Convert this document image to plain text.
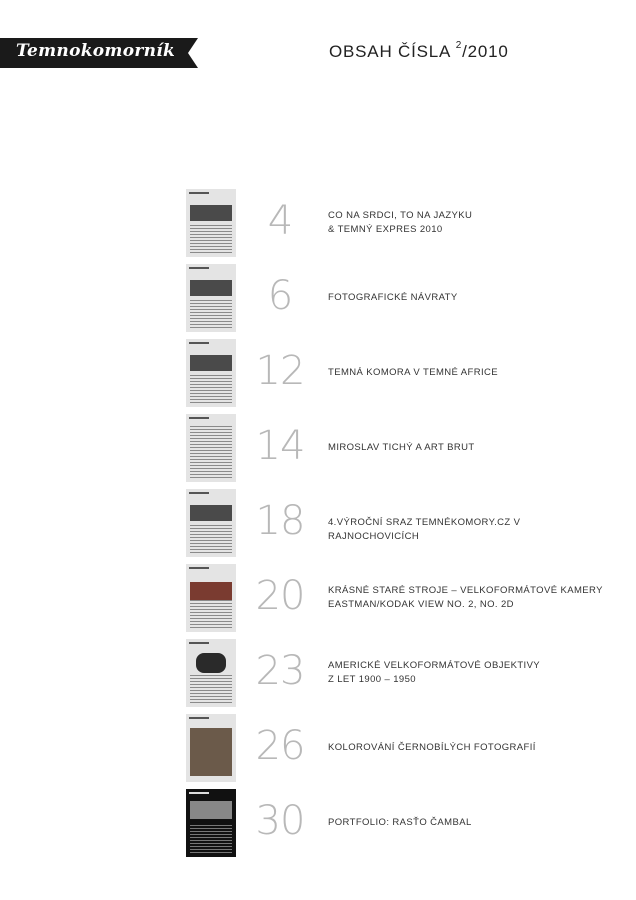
Temnokomorník	OBSAH ČÍSLA $^2$/2010
4	CO NA SRDCI, TO NA JAZYKU
& TEMNÝ EXPRES 2010
6	FOTOGRAFICKÉ NÁVRATY
12	TEMNÁ KOMORA V TEMNÉ AFRICE
14	MIROSLAV TICHÝ A ART BRUT
18	4.VÝROČNÍ SRAZ TEMNÉKOMORY.CZ V RAJNOCHOVICÍCH
20	KRÁSNÉ STARÉ STROJE – VELKOFORMÁTOVÉ KAMERY
EASTMAN/KODAK VIEW NO. 2, NO. 2D
23	AMERICKÉ VELKOFORMÁTOVÉ OBJEKTIVY
Z LET 1900 – 1950
26	KOLOROVÁNÍ ČERNOBÍLÝCH FOTOGRAFIÍ
30	PORTFOLIO: RASŤO ČAMBAL
